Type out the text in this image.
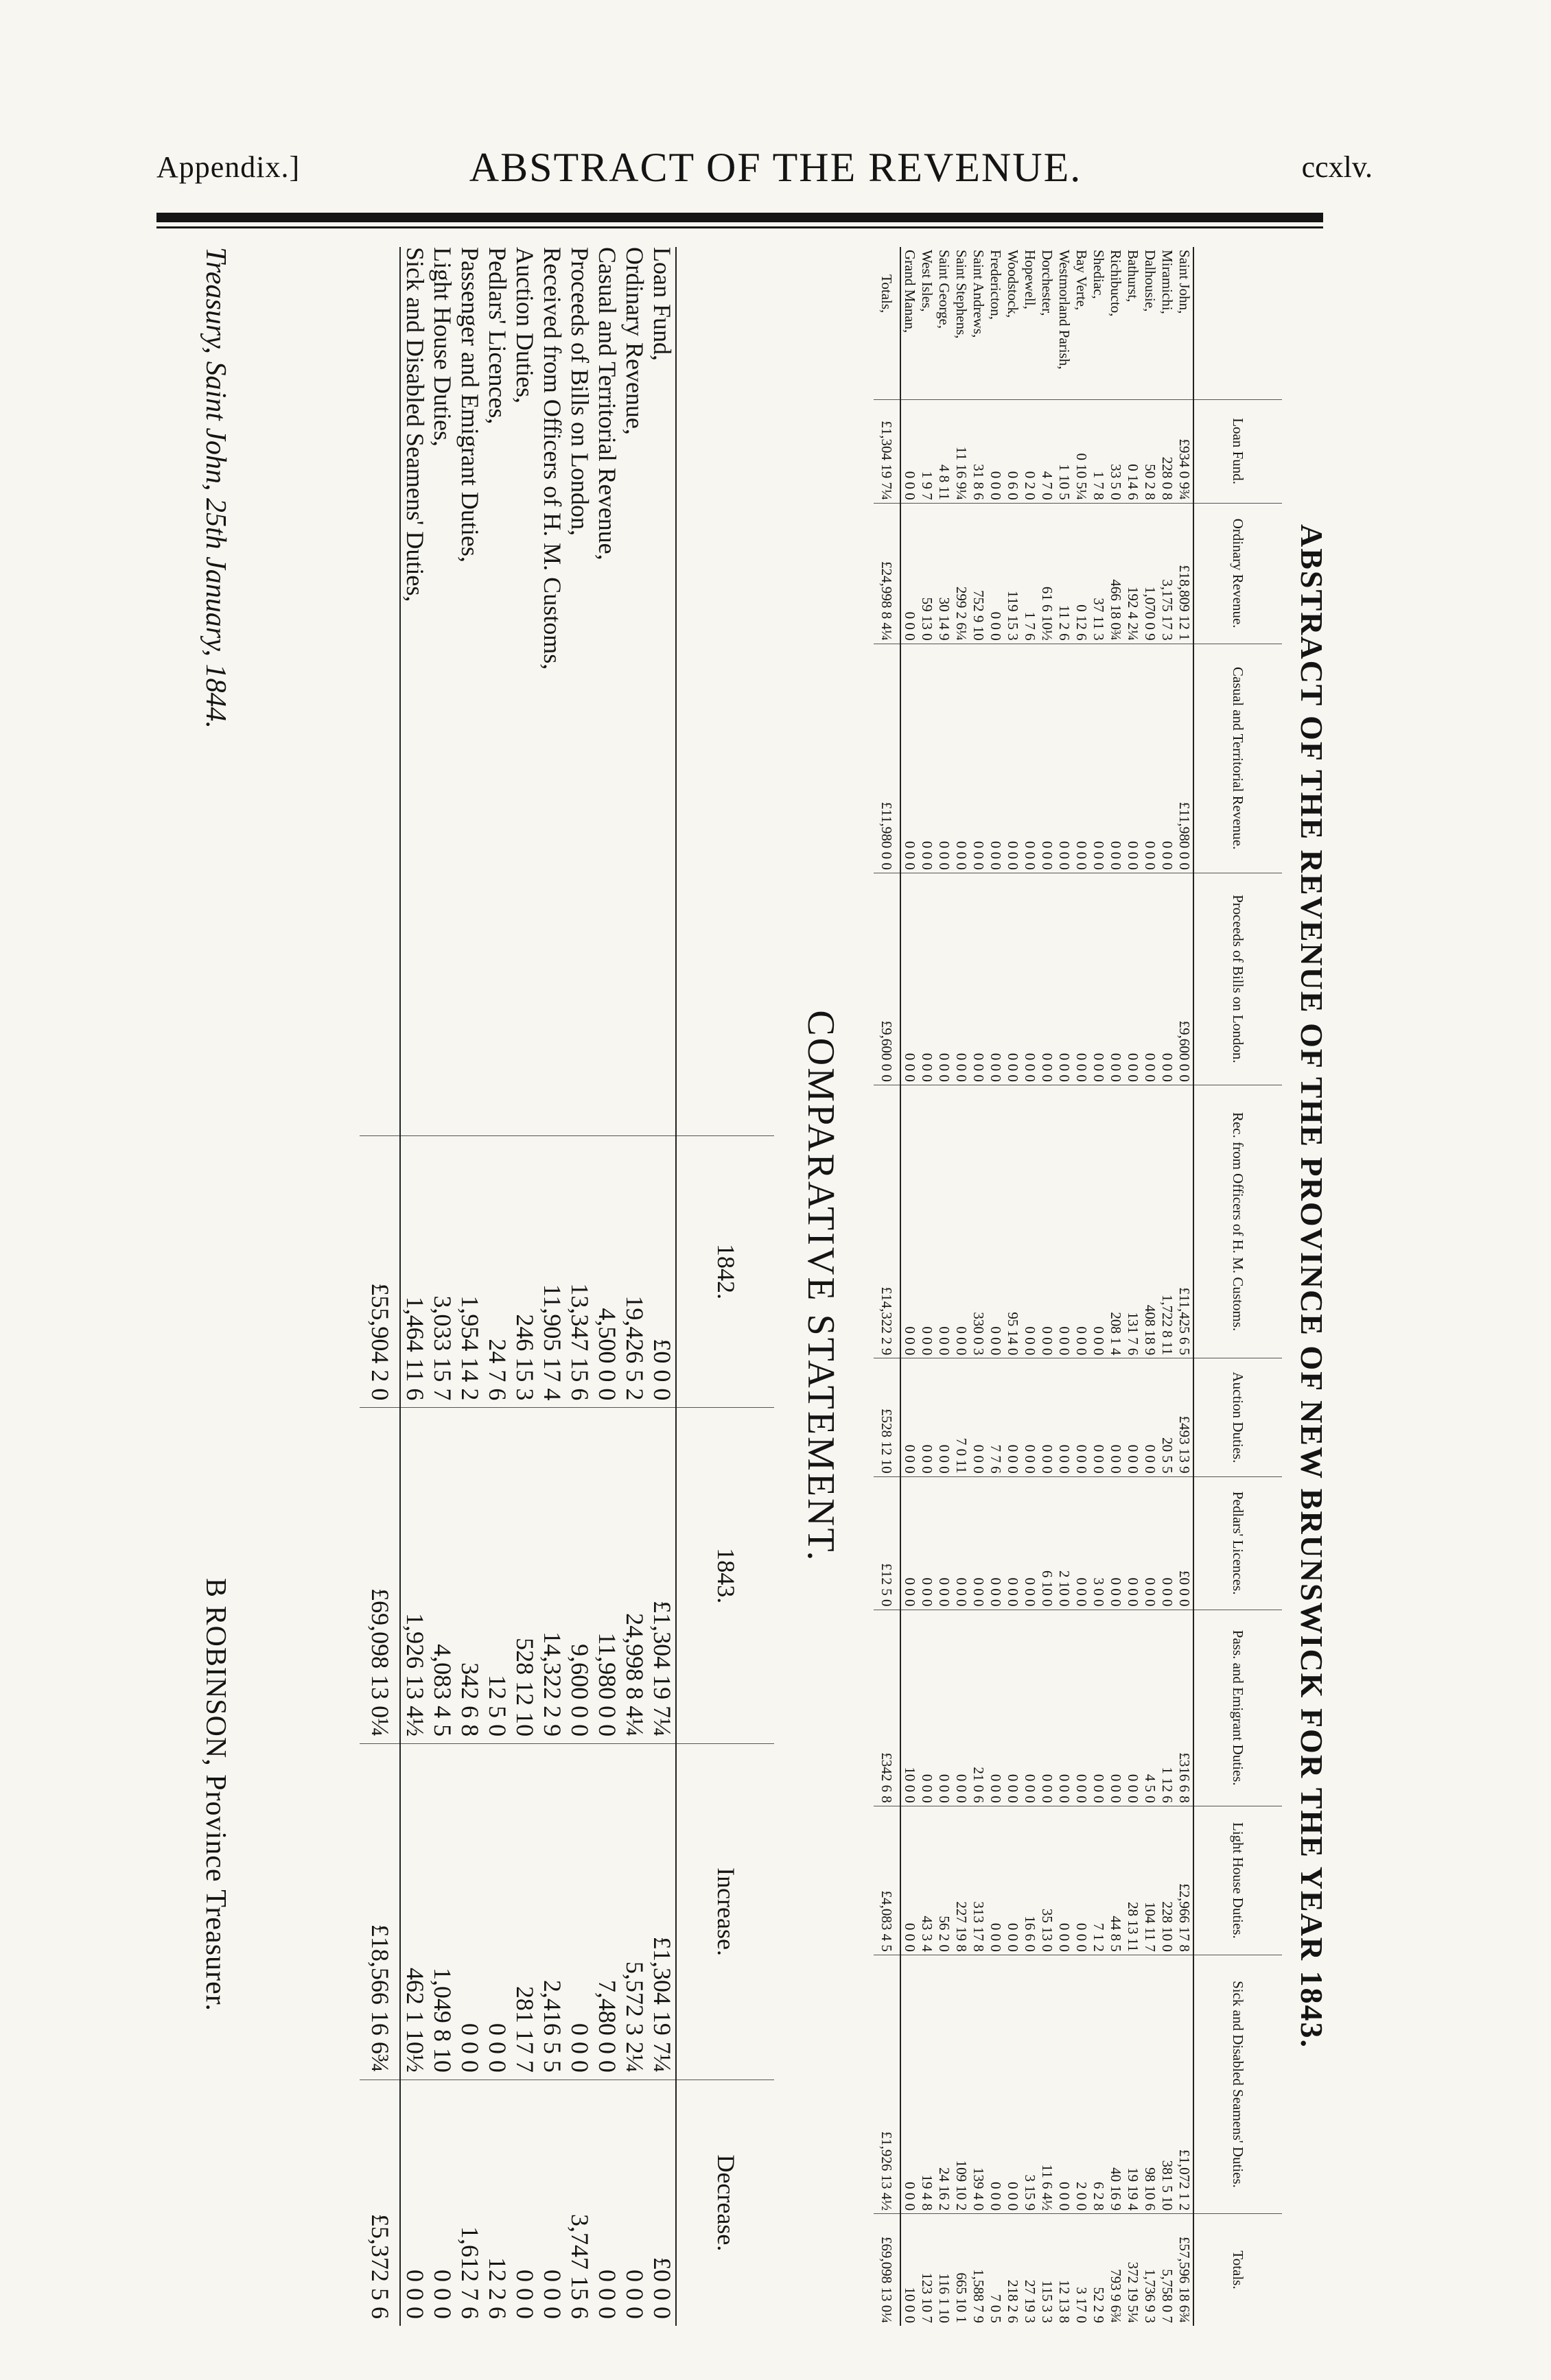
Appendix.]	ABSTRACT OF THE REVENUE.	ccxlv.
ABSTRACT OF THE REVENUE OF THE PROVINCE OF NEW BRUNSWICK FOR THE YEAR 1843.
	Loan Fund.	Ordinary Revenue.	Casual and Territorial Revenue.	Proceeds of Bills on London.	Rec. from Officers of H. M. Customs.	Auction Duties.	Pedlars' Licences.	Pass. and Emigrant Duties.	Light House Duties.	Sick and Disabled Seamens' Duties.	Totals.
Saint John,	£934 0 9¾	£18,809 12 1	£11,980 0 0	£9,600 0 0	£11,425 6 5	£493 13 9	£0 0 0	£316 6 8	£2,966 17 8	£1,072 1 2	£57,596 18 6¾
Miramichi,	228 0 8	3,175 17 3	0 0 0	0 0 0	1,722 8 11	20 5 5	0 0 0	1 12 6	228 10 0	381 5 10	5,758 0 7
Dalhousie,	50 2 8	1,070 0 9	0 0 0	0 0 0	408 18 9	0 0 0	0 0 0	4 5 0	104 11 7	98 10 6	1,736 9 3
Bathurst,	0 14 6	192 4 2¼	0 0 0	0 0 0	131 7 6	0 0 0	0 0 0	0 0 0	28 13 11	19 19 4	372 19 5¼
Richibucto,	33 5 0	466 18 0¾	0 0 0	0 0 0	208 1 4	0 0 0	0 0 0	0 0 0	44 8 5	40 16 9	793 9 6¾
Shediac,	1 7 8	37 11 3	0 0 0	0 0 0	0 0 0	0 0 0	3 0 0	0 0 0	7 1 2	6 2 8	52 2 9
Bay Verte,	0 10 5¼	0 12 6	0 0 0	0 0 0	0 0 0	0 0 0	0 0 0	0 0 0	0 0 0	2 0 0	3 17 0
Westmorland Parish,	1 10 5	11 2 6	0 0 0	0 0 0	0 0 0	0 0 0	2 10 0	0 0 0	0 0 0	0 0 0	12 13 8
Dorchester,	4 7 0	61 6 10½	0 0 0	0 0 0	0 0 0	0 0 0	6 10 0	0 0 0	35 13 0	11 6 4½	115 3 3
Hopewell,	0 2 0	1 7 6	0 0 0	0 0 0	0 0 0	0 0 0	0 0 0	0 0 0	16 6 0	3 15 9	27 19 3
Woodstock,	0 6 0	119 15 3	0 0 0	0 0 0	95 14 0	0 0 0	0 0 0	0 0 0	0 0 0	0 0 0	218 2 6
Fredericton,	0 0 0	0 0 0	0 0 0	0 0 0	0 0 0	7 7 6	0 0 0	0 0 0	0 0 0	0 0 0	7 0 5
Saint Andrews,	31 8 6	752 9 10	0 0 0	0 0 0	330 0 3	0 0 0	0 0 0	21 0 6	313 17 8	139 4 0	1,588 7 9
Saint Stephens,	11 16 9¼	299 2 6¼	0 0 0	0 0 0	0 0 0	7 0 11	0 0 0	0 0 0	227 19 8	109 10 2	665 10 1
Saint George,	4 8 11	30 14 9	0 0 0	0 0 0	0 0 0	0 0 0	0 0 0	0 0 0	56 2 0	24 16 2	116 1 10
West Isles,	1 9 7	59 13 0	0 0 0	0 0 0	0 0 0	0 0 0	0 0 0	0 0 0	43 3 4	19 4 8	123 10 7
Grand Manan,	0 0 0	0 0 0	0 0 0	0 0 0	0 0 0	0 0 0	0 0 0	10 0 0	0 0 0	0 0 0	10 0 0
Totals,	£1,304 19 7¼	£24,998 8 4¼	£11,980 0 0	£9,600 0 0	£14,322 2 9	£528 12 10	£12 5 0	£342 6 8	£4,083 4 5	£1,926 13 4½	£69,098 13 0¼
COMPARATIVE STATEMENT.
	1842.	1843.	Increase.	Decrease.
Loan Fund,	£0 0 0	£1,304 19 7¼	£1,304 19 7¼	£0 0 0
Ordinary Revenue,	19,426 5 2	24,998 8 4¼	5,572 3 2¼	0 0 0
Casual and Territorial Revenue,	4,500 0 0	11,980 0 0	7,480 0 0	0 0 0
Proceeds of Bills on London,	13,347 15 6	9,600 0 0	0 0 0	3,747 15 6
Received from Officers of H. M. Customs,	11,905 17 4	14,322 2 9	2,416 5 5	0 0 0
Auction Duties,	246 15 3	528 12 10	281 17 7	0 0 0
Pedlars' Licences,	24 7 6	12 5 0	0 0 0	12 2 6
Passenger and Emigrant Duties,	1,954 14 2	342 6 8	0 0 0	1,612 7 6
Light House Duties,	3,033 15 7	4,083 4 5	1,049 8 10	0 0 0
Sick and Disabled Seamens' Duties,	1,464 11 6	1,926 13 4½	462 1 10½	0 0 0
	£55,904 2 0	£69,098 13 0¼	£18,566 16 6¾	£5,372 5 6
Treasury, Saint John, 25th January, 1844.
B ROBINSON, Province Treasurer.
